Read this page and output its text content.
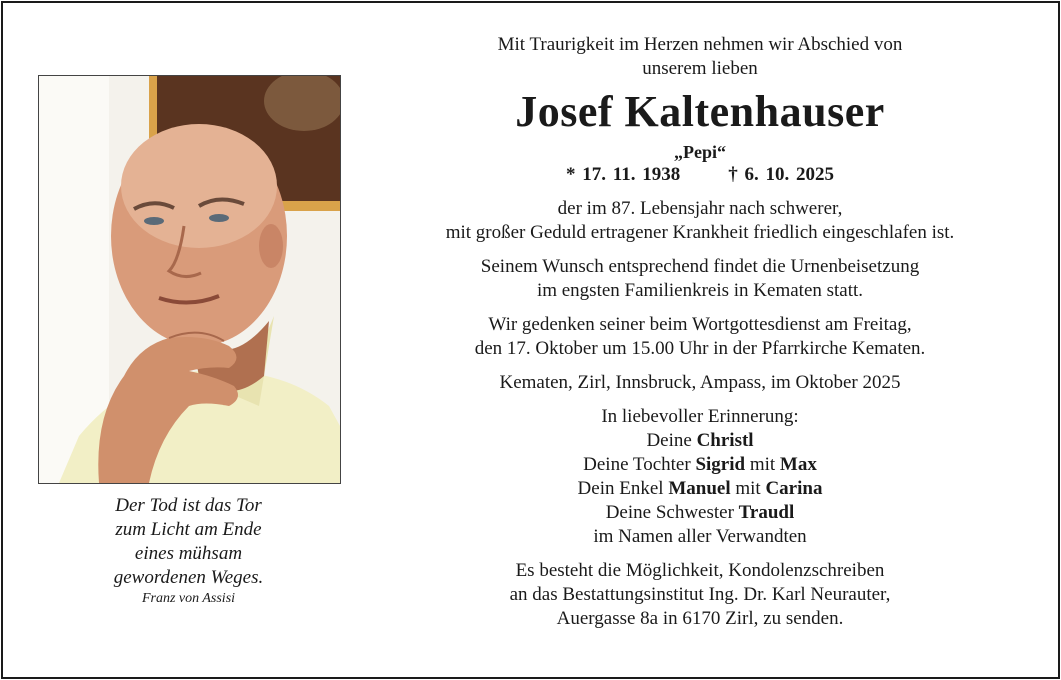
Der Tod ist das Tor
zum Licht am Ende
eines mühsam
gewordenen Weges.
Franz von Assisi

Mit Traurigkeit im Herzen nehmen wir Abschied von

unserem lieben

Josef Kaltenhauser

„Pepi“

* 17. 11. 1938	† 6. 10. 2025

der im 87. Lebensjahr nach schwerer,

mit großer Geduld ertragener Krankheit friedlich eingeschlafen ist.

Seinem Wunsch entsprechend findet die Urnenbeisetzung

im engsten Familienkreis in Kematen statt.

Wir gedenken seiner beim Wortgottesdienst am Freitag,

den 17. Oktober um 15.00 Uhr in der Pfarrkirche Kematen.

Kematen, Zirl, Innsbruck, Ampass, im Oktober 2025

In liebevoller Erinnerung:

Deine Christl

Deine Tochter Sigrid mit Max

Dein Enkel Manuel mit Carina

Deine Schwester Traudl

im Namen aller Verwandten

Es besteht die Möglichkeit, Kondolenzschreiben

an das Bestattungsinstitut Ing. Dr. Karl Neurauter,

Auergasse 8a in 6170 Zirl, zu senden.
